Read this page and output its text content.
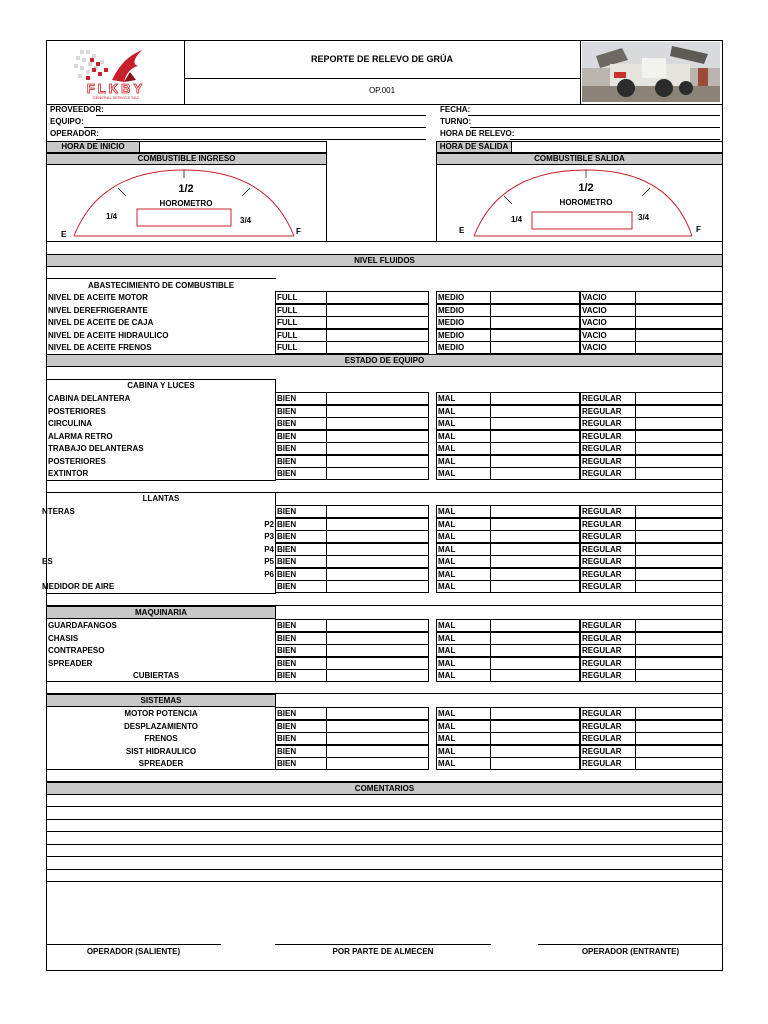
FLKBY
GENERAL SERVICE SAC
REPORTE DE RELEVO DE GRÚA
OP.001
PROVEEDOR:
EQUIPO:
OPERADOR:
FECHA:
TURNO:
HORA DE RELEVO:
HORA DE INICIO
COMBUSTIBLE INGRESO
HORA DE SALIDA
COMBUSTIBLE SALIDA
1/2
HOROMETRO
1/4	3/4
E	F
1/2
HOROMETRO
1/4	3/4
E	F
NIVEL FLUIDOS
ABASTECIMIENTO DE COMBUSTIBLE
NIVEL DE ACEITE MOTOR	FULL	MEDIO	VACIO
NIVEL DEREFRIGERANTE	FULL	MEDIO	VACIO
NIVEL DE ACEITE DE CAJA	FULL	MEDIO	VACIO
NIVEL DE ACEITE HIDRAULICO	FULL	MEDIO	VACIO
NIVEL DE ACEITE FRENOS	FULL	MEDIO	VACIO
ESTADO DE EQUIPO
CABINA Y LUCES
CABINA DELANTERA	BIEN	MAL	REGULAR
POSTERIORES	BIEN	MAL	REGULAR
CIRCULINA	BIEN	MAL	REGULAR
ALARMA RETRO	BIEN	MAL	REGULAR
TRABAJO DELANTERAS	BIEN	MAL	REGULAR
POSTERIORES	BIEN	MAL	REGULAR
EXTINTOR	BIEN	MAL	REGULAR
LLANTAS
NTERAS	BIEN	MAL	REGULAR
P2 BIEN	MAL	REGULAR
P3 BIEN	MAL	REGULAR
P4 BIEN	MAL	REGULAR
ES	P5 BIEN	MAL	REGULAR
P6 BIEN	MAL	REGULAR
MEDIDOR DE AIRE	BIEN	MAL	REGULAR
MAQUINARIA
GUARDAFANGOS	BIEN	MAL	REGULAR
CHASIS	BIEN	MAL	REGULAR
CONTRAPESO	BIEN	MAL	REGULAR
SPREADER	BIEN	MAL	REGULAR
CUBIERTAS	BIEN	MAL	REGULAR
SISTEMAS
MOTOR POTENCIA	BIEN	MAL	REGULAR
DESPLAZAMIENTO	BIEN	MAL	REGULAR
FRENOS	BIEN	MAL	REGULAR
SIST HIDRAULICO	BIEN	MAL	REGULAR
SPREADER	BIEN	MAL	REGULAR
COMENTARIOS
OPERADOR (SALIENTE)	POR PARTE DE ALMECEN	OPERADOR (ENTRANTE)
